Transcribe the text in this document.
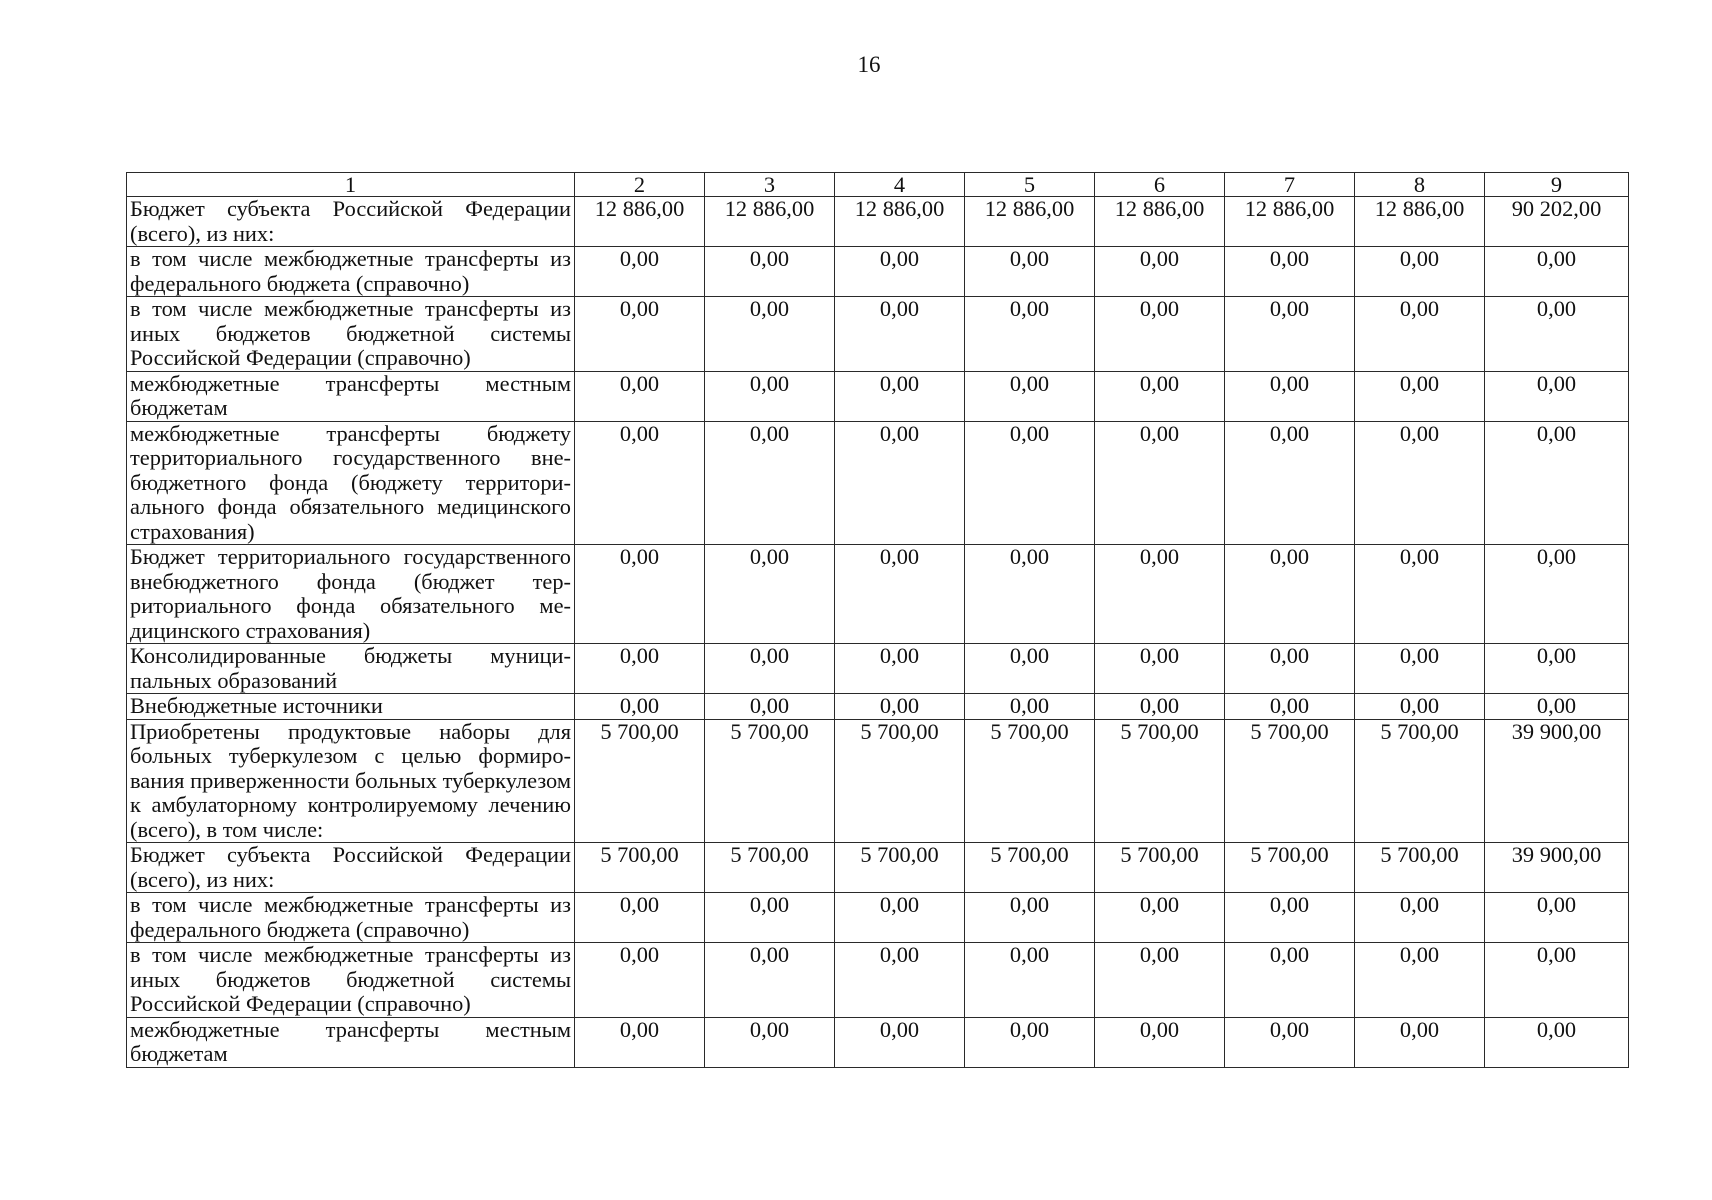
16
1	2	3	4	5	6	7	8	9
Бюджет субъекта Российской Федерации (всего), из них:	12 886,00	12 886,00	12 886,00	12 886,00	12 886,00	12 886,00	12 886,00	90 202,00
в том числе межбюджетные трансферты из федерального бюджета (справочно)	0,00	0,00	0,00	0,00	0,00	0,00	0,00	0,00
в том числе межбюджетные трансферты из иных бюджетов бюджетной системы Российской Федерации (справочно)	0,00	0,00	0,00	0,00	0,00	0,00	0,00	0,00
межбюджетные трансферты местным бюджетам	0,00	0,00	0,00	0,00	0,00	0,00	0,00	0,00
межбюджетные трансферты бюджету территориального государственного внебюджетного фонда (бюджету территориального фонда обязательного медицинского страхования)	0,00	0,00	0,00	0,00	0,00	0,00	0,00	0,00
Бюджет территориального государственного внебюджетного фонда (бюджет территориального фонда обязательного медицинского страхования)	0,00	0,00	0,00	0,00	0,00	0,00	0,00	0,00
Консолидированные бюджеты муниципальных образований	0,00	0,00	0,00	0,00	0,00	0,00	0,00	0,00
Внебюджетные источники	0,00	0,00	0,00	0,00	0,00	0,00	0,00	0,00
Приобретены продуктовые наборы для больных туберкулезом с целью формирования приверженности больных туберкулезом к амбулаторному контролируемому лечению (всего), в том числе:	5 700,00	5 700,00	5 700,00	5 700,00	5 700,00	5 700,00	5 700,00	39 900,00
Бюджет субъекта Российской Федерации (всего), из них:	5 700,00	5 700,00	5 700,00	5 700,00	5 700,00	5 700,00	5 700,00	39 900,00
в том числе межбюджетные трансферты из федерального бюджета (справочно)	0,00	0,00	0,00	0,00	0,00	0,00	0,00	0,00
в том числе межбюджетные трансферты из иных бюджетов бюджетной системы Российской Федерации (справочно)	0,00	0,00	0,00	0,00	0,00	0,00	0,00	0,00
межбюджетные трансферты местным бюджетам	0,00	0,00	0,00	0,00	0,00	0,00	0,00	0,00
